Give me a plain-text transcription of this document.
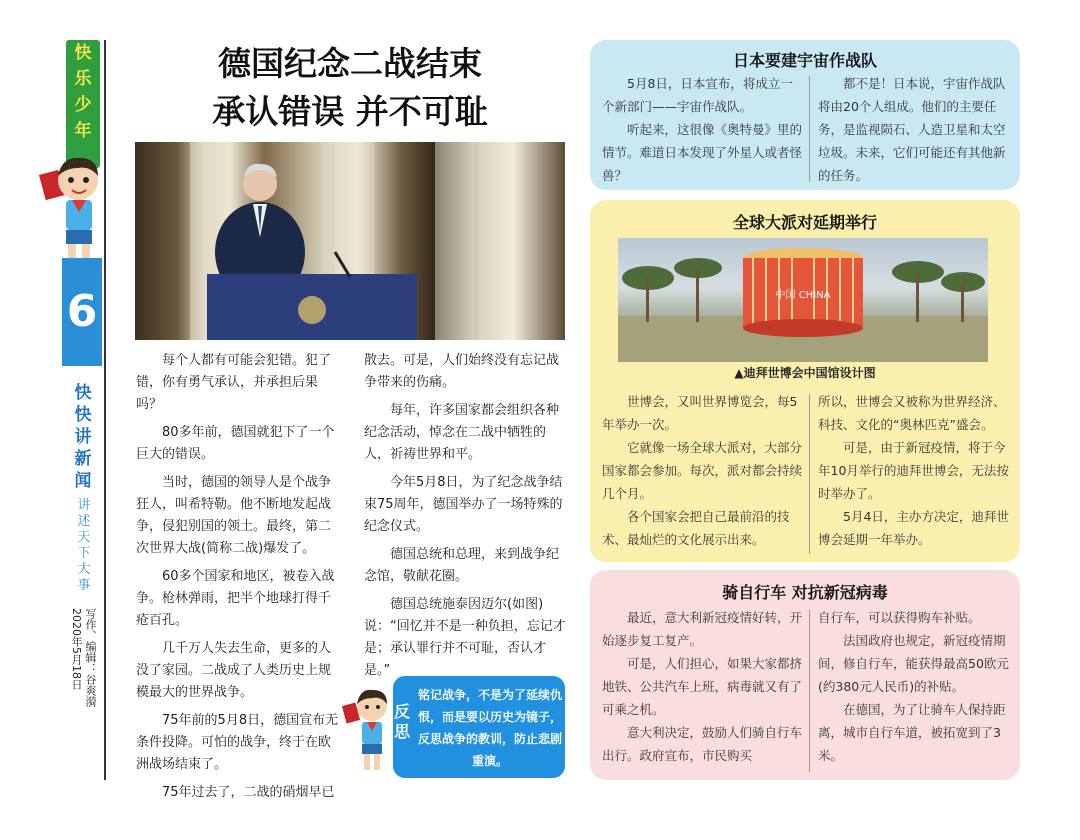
快
乐
少
年
6
快
快
讲
新
闻
讲
述
天
下
大
事
写作、编辑：谷爽漪
2020年5月18日
德国纪念二战结束
承认错误 并不可耻

每个人都有可能会犯错。犯了错，你有勇气承认，并承担后果吗？

80多年前，德国就犯下了一个巨大的错误。

当时，德国的领导人是个战争狂人，叫希特勒。他不断地发起战争，侵犯别国的领土。最终，第二次世界大战(简称二战)爆发了。

60多个国家和地区，被卷入战争。枪林弹雨，把半个地球打得千疮百孔。

几千万人失去生命，更多的人没了家园。二战成了人类历史上规模最大的世界战争。

75年前的5月8日，德国宣布无条件投降。可怕的战争，终于在欧洲战场结束了。

75年过去了，二战的硝烟早已

散去。可是，人们始终没有忘记战争带来的伤痛。

每年，许多国家都会组织各种纪念活动，悼念在二战中牺牲的人，祈祷世界和平。

今年5月8日，为了纪念战争结束75周年，德国举办了一场特殊的纪念仪式。

德国总统和总理，来到战争纪念馆，敬献花圈。

德国总统施泰因迈尔(如图)说：“回忆并不是一种负担，忘记才是；承认罪行并不可耻，否认才是。”

反思
铭记战争，不是为了延续仇恨，而是要以历史为镜子，反思战争的教训，防止悲剧重演。
日本要建宇宙作战队

5月8日，日本宣布，将成立一个新部门——宇宙作战队。

听起来，这很像《奥特曼》里的情节。难道日本发现了外星人或者怪兽？

都不是！日本说，宇宙作战队将由20个人组成。他们的主要任务，是监视陨石、人造卫星和太空垃圾。未来，它们可能还有其他新的任务。

全球大派对延期举行

世博会，又叫世界博览会，每5年举办一次。

它就像一场全球大派对，大部分国家都会参加。每次，派对都会持续几个月。

各个国家会把自己最前沿的技术、最灿烂的文化展示出来。

所以，世博会又被称为世界经济、科技、文化的“奥林匹克”盛会。

可是，由于新冠疫情，将于今年10月举行的迪拜世博会，无法按时举办了。

5月4日，主办方决定，迪拜世博会延期一年举办。

中国 CHINA
▲迪拜世博会中国馆设计图
骑自行车 对抗新冠病毒

最近，意大利新冠疫情好转，开始逐步复工复产。

可是，人们担心，如果大家都挤地铁、公共汽车上班，病毒就又有了可乘之机。

意大利决定，鼓励人们骑自行车出行。政府宣布，市民购买

自行车，可以获得购车补贴。

法国政府也规定，新冠疫情期间，修自行车，能获得最高50欧元(约380元人民币)的补贴。

在德国，为了让骑车人保持距离，城市自行车道，被拓宽到了3米。
